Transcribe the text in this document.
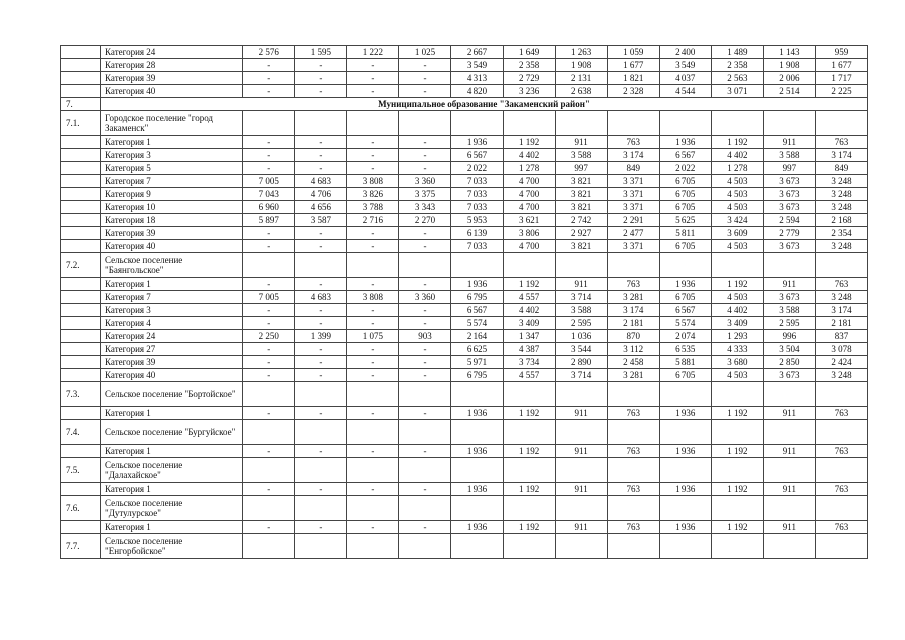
	Категория 24	2 576	1 595	1 222	1 025	2 667	1 649	1 263	1 059	2 400	1 489	1 143	959
	Категория 28	-	-	-	-	3 549	2 358	1 908	1 677	3 549	2 358	1 908	1 677
	Категория 39	-	-	-	-	4 313	2 729	2 131	1 821	4 037	2 563	2 006	1 717
	Категория 40	-	-	-	-	4 820	3 236	2 638	2 328	4 544	3 071	2 514	2 225
7.	Муниципальное образование "Закаменский район"												
7.1.	Городское поселение "город Закаменск"												
	Категория 1	-	-	-	-	1 936	1 192	911	763	1 936	1 192	911	763
	Категория 3	-	-	-	-	6 567	4 402	3 588	3 174	6 567	4 402	3 588	3 174
	Категория 5	-	-	-	-	2 022	1 278	997	849	2 022	1 278	997	849
	Категория 7	7 005	4 683	3 808	3 360	7 033	4 700	3 821	3 371	6 705	4 503	3 673	3 248
	Категория 9	7 043	4 706	3 826	3 375	7 033	4 700	3 821	3 371	6 705	4 503	3 673	3 248
	Категория 10	6 960	4 656	3 788	3 343	7 033	4 700	3 821	3 371	6 705	4 503	3 673	3 248
	Категория 18	5 897	3 587	2 716	2 270	5 953	3 621	2 742	2 291	5 625	3 424	2 594	2 168
	Категория 39	-	-	-	-	6 139	3 806	2 927	2 477	5 811	3 609	2 779	2 354
	Категория 40	-	-	-	-	7 033	4 700	3 821	3 371	6 705	4 503	3 673	3 248
7.2.	Сельское поселение "Баянгольское"												
	Категория 1	-	-	-	-	1 936	1 192	911	763	1 936	1 192	911	763
	Категория 7	7 005	4 683	3 808	3 360	6 795	4 557	3 714	3 281	6 705	4 503	3 673	3 248
	Категория 3	-	-	-	-	6 567	4 402	3 588	3 174	6 567	4 402	3 588	3 174
	Категория 4	-	-	-	-	5 574	3 409	2 595	2 181	5 574	3 409	2 595	2 181
	Категория 24	2 250	1 399	1 075	903	2 164	1 347	1 036	870	2 074	1 293	996	837
	Категория 27	-	-	-	-	6 625	4 387	3 544	3 112	6 535	4 333	3 504	3 078
	Категория 39	-	-	-	-	5 971	3 734	2 890	2 458	5 881	3 680	2 850	2 424
	Категория 40	-	-	-	-	6 795	4 557	3 714	3 281	6 705	4 503	3 673	3 248
7.3.	Сельское поселение "Бортойское"												
	Категория 1	-	-	-	-	1 936	1 192	911	763	1 936	1 192	911	763
7.4.	Сельское поселение "Бургуйское"												
	Категория 1	-	-	-	-	1 936	1 192	911	763	1 936	1 192	911	763
7.5.	Сельское поселение "Далахайское"												
	Категория 1	-	-	-	-	1 936	1 192	911	763	1 936	1 192	911	763
7.6.	Сельское поселение "Дутулурское"												
	Категория 1	-	-	-	-	1 936	1 192	911	763	1 936	1 192	911	763
7.7.	Сельское поселение "Енгорбойское"												
